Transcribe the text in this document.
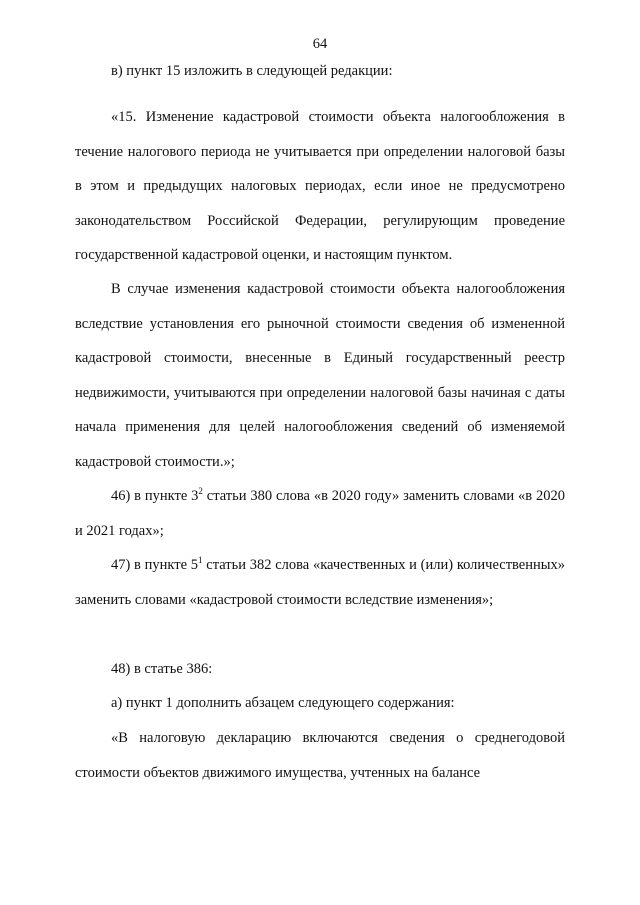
64

в) пункт 15 изложить в следующей редакции:

«15. Изменение кадастровой стоимости объекта налогообложения в течение налогового периода не учитывается при определении налоговой базы в этом и предыдущих налоговых периодах, если иное не предусмотрено законодательством Российской Федерации, регулирующим проведение государственной кадастровой оценки, и настоящим пунктом.

В случае изменения кадастровой стоимости объекта налогообложения вследствие установления его рыночной стоимости сведения об измененной кадастровой стоимости, внесенные в Единый государственный реестр недвижимости, учитываются при определении налоговой базы начиная с даты начала применения для целей налогообложения сведений об изменяемой кадастровой стоимости.»;

46) в пункте $3^2$ статьи 380 слова «в 2020 году» заменить словами «в 2020 и 2021 годах»;

47) в пункте $5^1$ статьи 382 слова «качественных и (или) количественных» заменить словами «кадастровой стоимости вследствие изменения»;

48) в статье 386:

а) пункт 1 дополнить абзацем следующего содержания:

«В налоговую декларацию включаются сведения о среднегодовой стоимости объектов движимого имущества, учтенных на балансе
